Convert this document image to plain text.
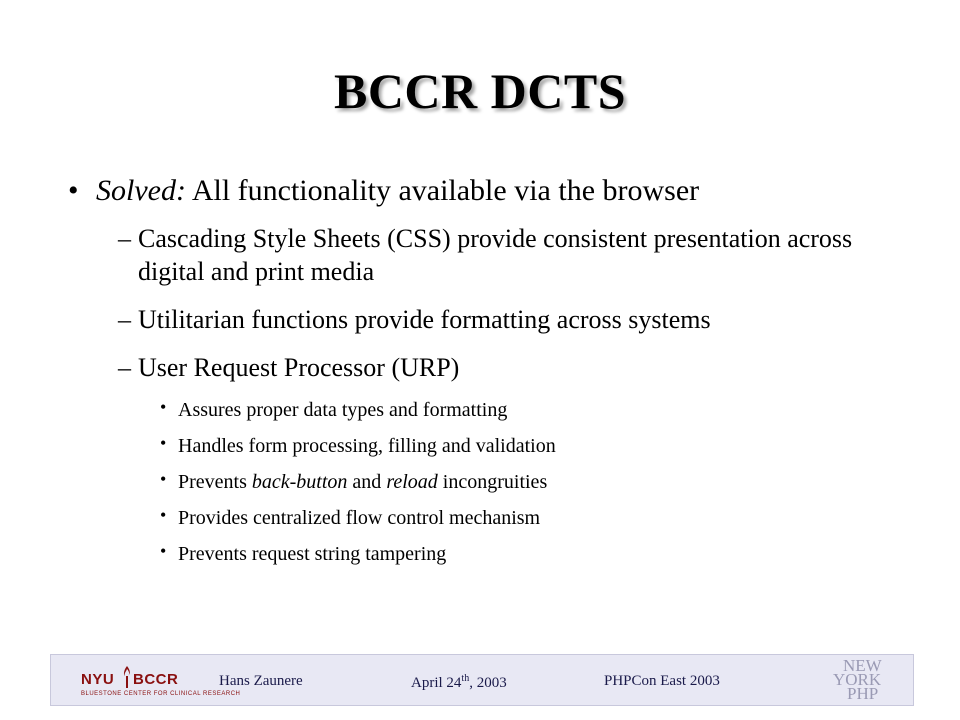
BCCR DCTS
• Solved: All functionality available via the browser
– Cascading Style Sheets (CSS) provide consistent presentation across digital and print media
– Utilitarian functions provide formatting across systems
– User Request Processor (URP)
• Assures proper data types and formatting
• Handles form processing, filling and validation
• Prevents back-button and reload incongruities
• Provides centralized flow control mechanism
• Prevents request string tampering
NYU BCCR
BLUESTONE CENTER FOR CLINICAL RESEARCH
Hans Zaunere	April 24th, 2003	PHPCon East 2003
NEW
YORK
PHP
